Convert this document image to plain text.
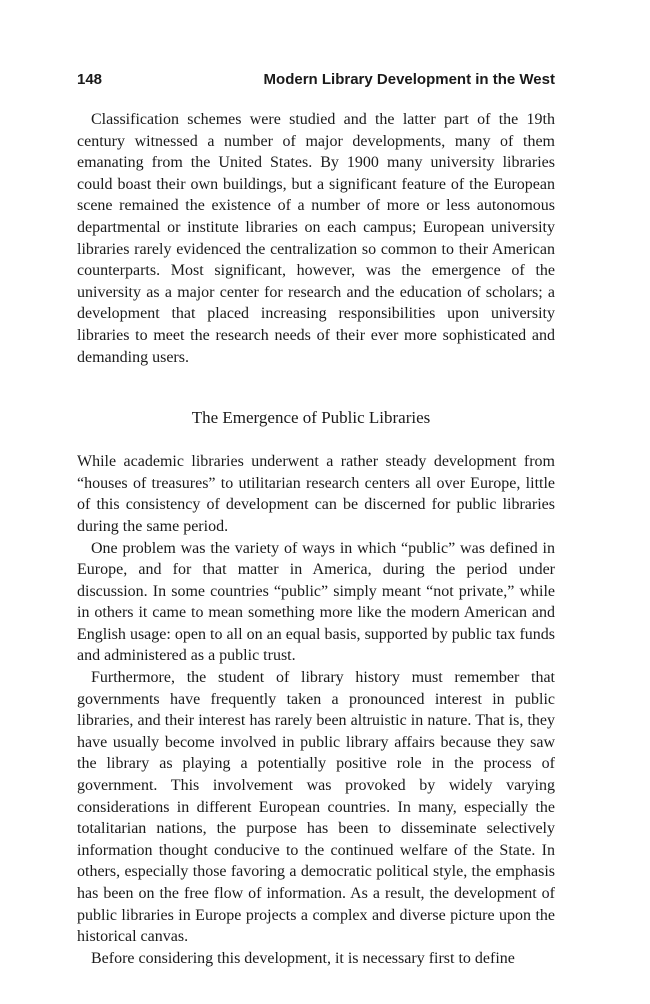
148	Modern Library Development in the West

Classification schemes were studied and the latter part of the 19th century witnessed a number of major developments, many of them emanating from the United States. By 1900 many university libraries could boast their own buildings, but a significant feature of the European scene remained the existence of a number of more or less autonomous departmental or institute libraries on each campus; European university libraries rarely evidenced the centralization so common to their American counterparts. Most significant, however, was the emergence of the university as a major center for research and the education of scholars; a development that placed increasing responsibilities upon university libraries to meet the research needs of their ever more sophisticated and demanding users.

The Emergence of Public Libraries

While academic libraries underwent a rather steady development from “houses of treasures” to utilitarian research centers all over Europe, little of this consistency of development can be discerned for public libraries during the same period.

One problem was the variety of ways in which “public” was defined in Europe, and for that matter in America, during the period under discussion. In some countries “public” simply meant “not private,” while in others it came to mean something more like the modern American and English usage: open to all on an equal basis, supported by public tax funds and administered as a public trust.

Furthermore, the student of library history must remember that governments have frequently taken a pronounced interest in public libraries, and their interest has rarely been altruistic in nature. That is, they have usually become involved in public library affairs because they saw the library as playing a potentially positive role in the process of government. This involvement was provoked by widely varying considerations in different European countries. In many, especially the totalitarian nations, the purpose has been to disseminate selectively information thought conducive to the continued welfare of the State. In others, especially those favoring a democratic political style, the emphasis has been on the free flow of information. As a result, the development of public libraries in Europe projects a complex and diverse picture upon the historical canvas.

Before considering this development, it is necessary first to define
